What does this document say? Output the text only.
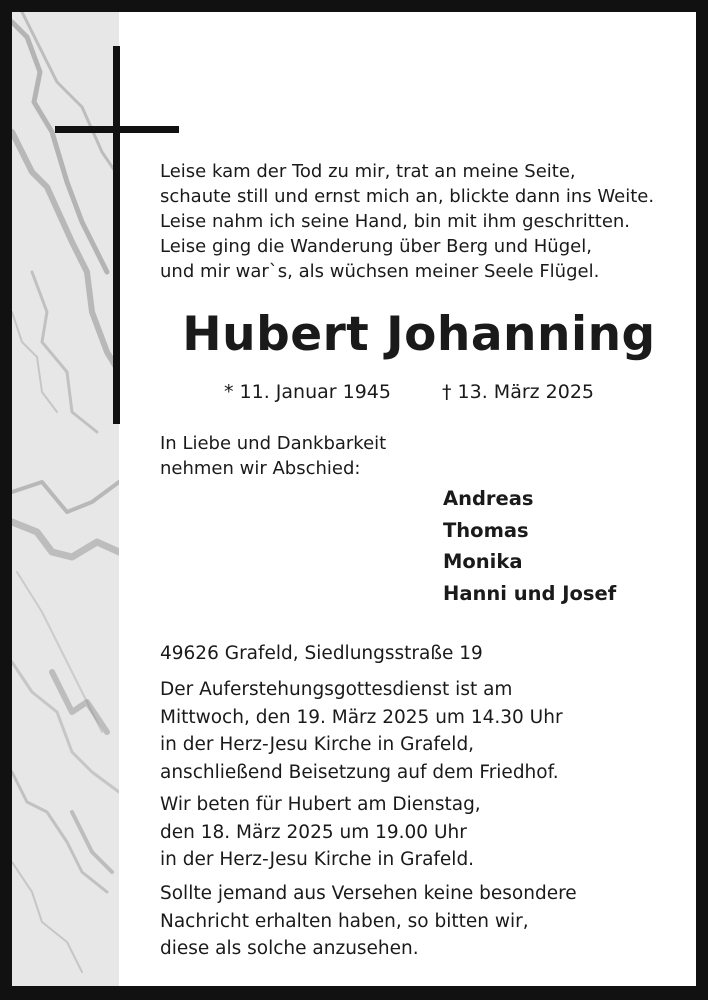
Leise kam der Tod zu mir, trat an meine Seite,
schaute still und ernst mich an, blickte dann ins Weite.
Leise nahm ich seine Hand, bin mit ihm geschritten.
Leise ging die Wanderung über Berg und Hügel,
und mir war`s, als wüchsen meiner Seele Flügel.
Hubert Johanning
* 11. Januar 1945	† 13. März 2025
In Liebe und Dankbarkeit
nehmen wir Abschied:
Andreas
Thomas
Monika
Hanni und Josef
49626 Grafeld, Siedlungsstraße 19
Der Auferstehungsgottesdienst ist am
Mittwoch, den 19. März 2025 um 14.30 Uhr
in der Herz-Jesu Kirche in Grafeld,
anschließend Beisetzung auf dem Friedhof.
Wir beten für Hubert am Dienstag,
den 18. März 2025 um 19.00 Uhr
in der Herz-Jesu Kirche in Grafeld.
Sollte jemand aus Versehen keine besondere
Nachricht erhalten haben, so bitten wir,
diese als solche anzusehen.
